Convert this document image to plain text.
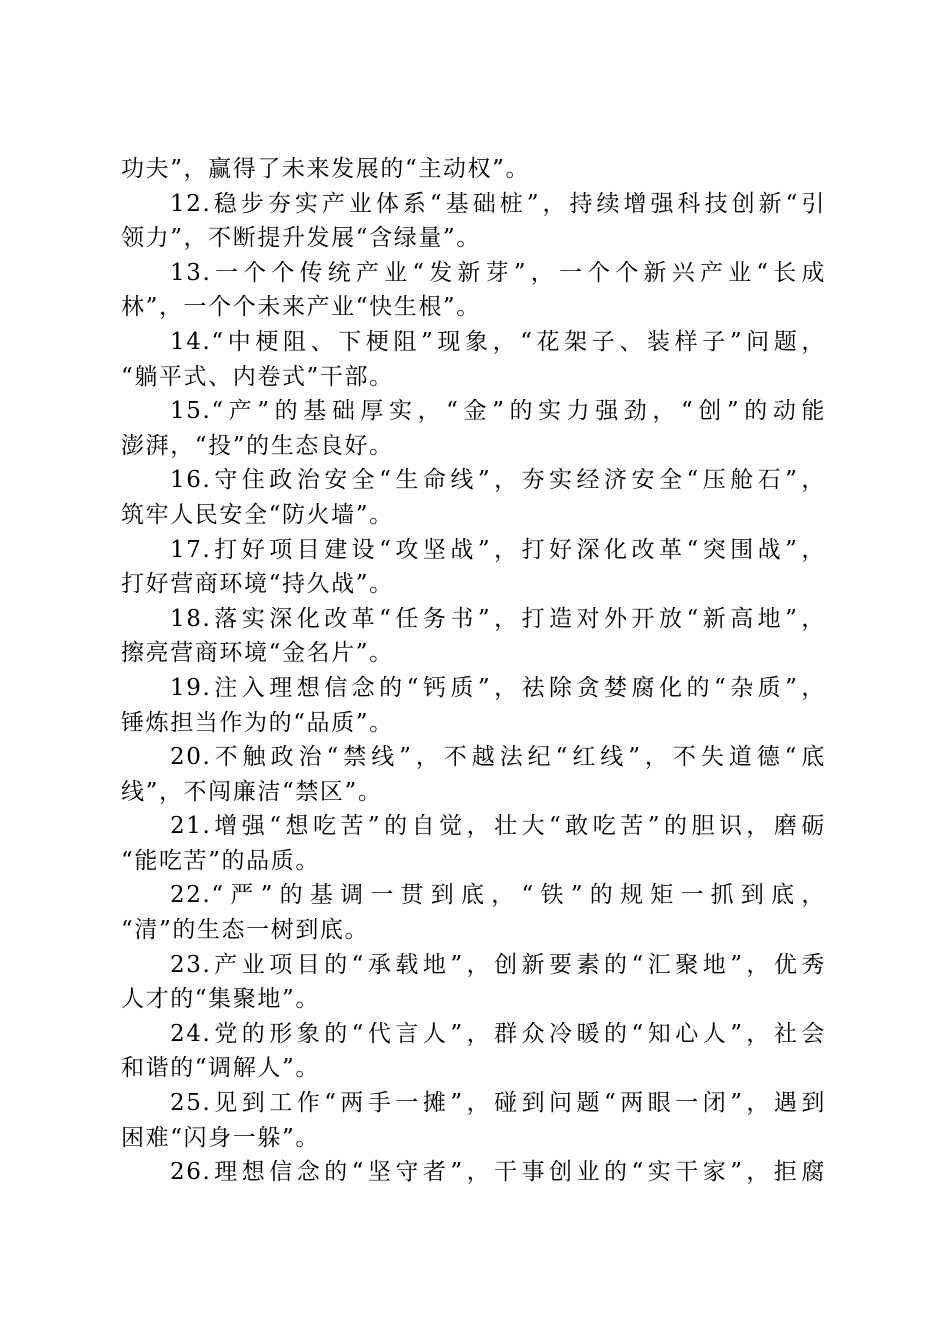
功夫”，赢得了未来发展的“主动权”。
12.稳步夯实产业体系“基础桩”，持续增强科技创新“引
领力”，不断提升发展“含绿量”。
13.一个个传统产业“发新芽”，一个个新兴产业“长成
林”，一个个未来产业“快生根”。
14.“中梗阻、下梗阻”现象，“花架子、装样子”问题，
“躺平式、内卷式”干部。
15.“产”的基础厚实，“金”的实力强劲，“创”的动能
澎湃，“投”的生态良好。
16.守住政治安全“生命线”，夯实经济安全“压舱石”，
筑牢人民安全“防火墙”。
17.打好项目建设“攻坚战”，打好深化改革“突围战”，
打好营商环境“持久战”。
18.落实深化改革“任务书”，打造对外开放“新高地”，
擦亮营商环境“金名片”。
19.注入理想信念的“钙质”，祛除贪婪腐化的“杂质”，
锤炼担当作为的“品质”。
20.不触政治“禁线”，不越法纪“红线”，不失道德“底
线”，不闯廉洁“禁区”。
21.增强“想吃苦”的自觉，壮大“敢吃苦”的胆识，磨砺
“能吃苦”的品质。
22.“严”的基调一贯到底，“铁”的规矩一抓到底，
“清”的生态一树到底。
23.产业项目的“承载地”，创新要素的“汇聚地”，优秀
人才的“集聚地”。
24.党的形象的“代言人”，群众冷暖的“知心人”，社会
和谐的“调解人”。
25.见到工作“两手一摊”，碰到问题“两眼一闭”，遇到
困难“闪身一躲”。
26.理想信念的“坚守者”，干事创业的“实干家”，拒腐
